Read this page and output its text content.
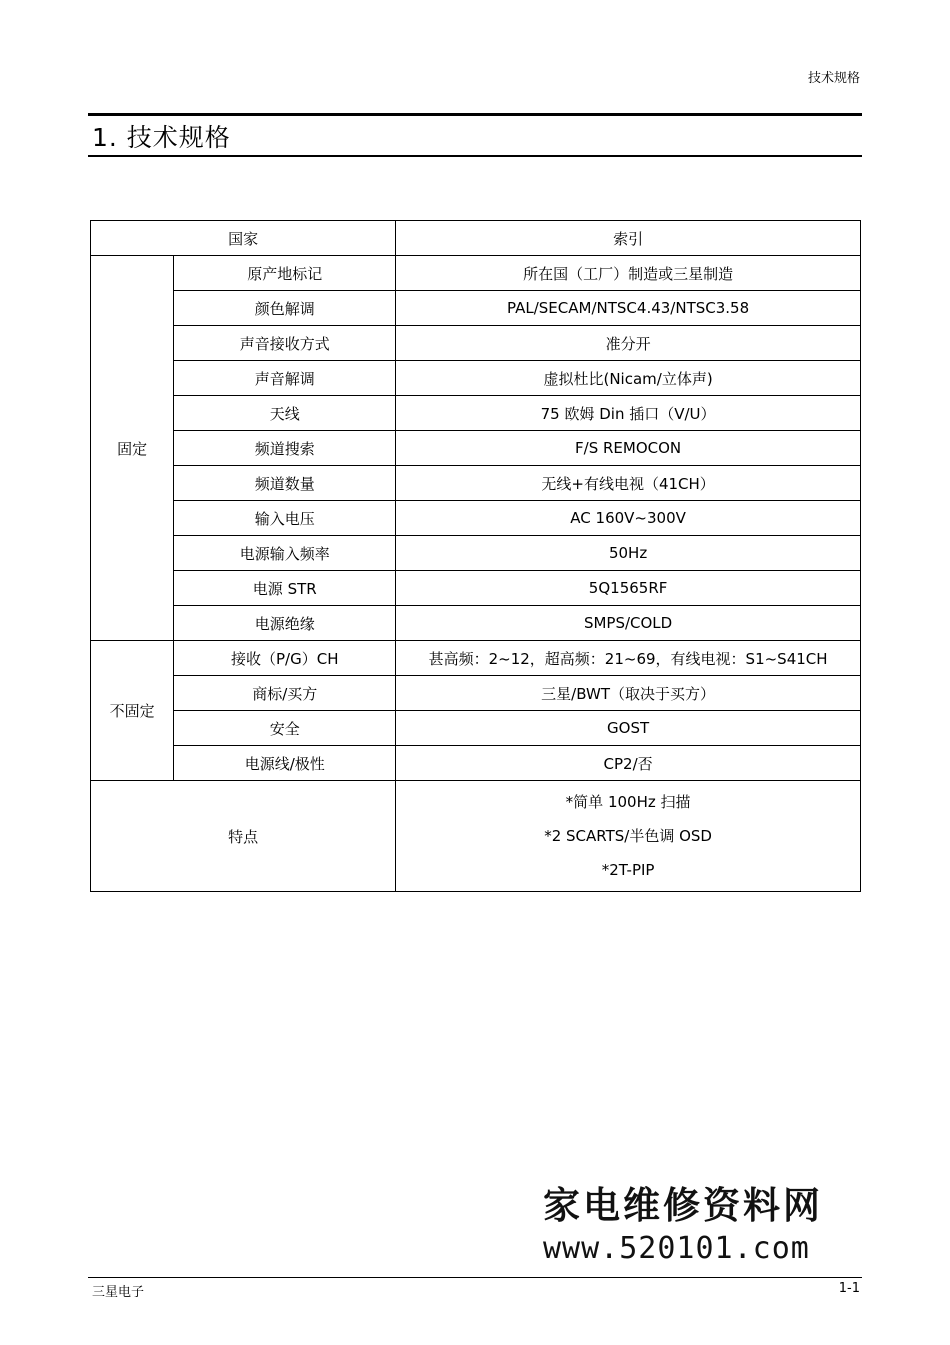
技术规格
1. 技术规格
国家		索引
固定	原产地标记	所在国（工厂）制造或三星制造
	颜色解调	PAL/SECAM/NTSC4.43/NTSC3.58
	声音接收方式	准分开
	声音解调	虚拟杜比(Nicam/立体声)
	天线	75 欧姆 Din 插口（V/U）
	频道搜索	F/S REMOCON
	频道数量	无线+有线电视（41CH）
	输入电压	AC 160V~300V
	电源输入频率	50Hz
	电源 STR	5Q1565RF
	电源绝缘	SMPS/COLD
不固定	接收（P/G）CH	甚高频：2~12，超高频：21~69，有线电视：S1~S41CH
	商标/买方	三星/BWT（取决于买方）
	安全	GOST
	电源线/极性	CP2/否
特点		*简单 100Hz 扫描
*2 SCARTS/半色调 OSD
*2T-PIP
家电维修资料网
www.520101.com
三星电子	1-1
